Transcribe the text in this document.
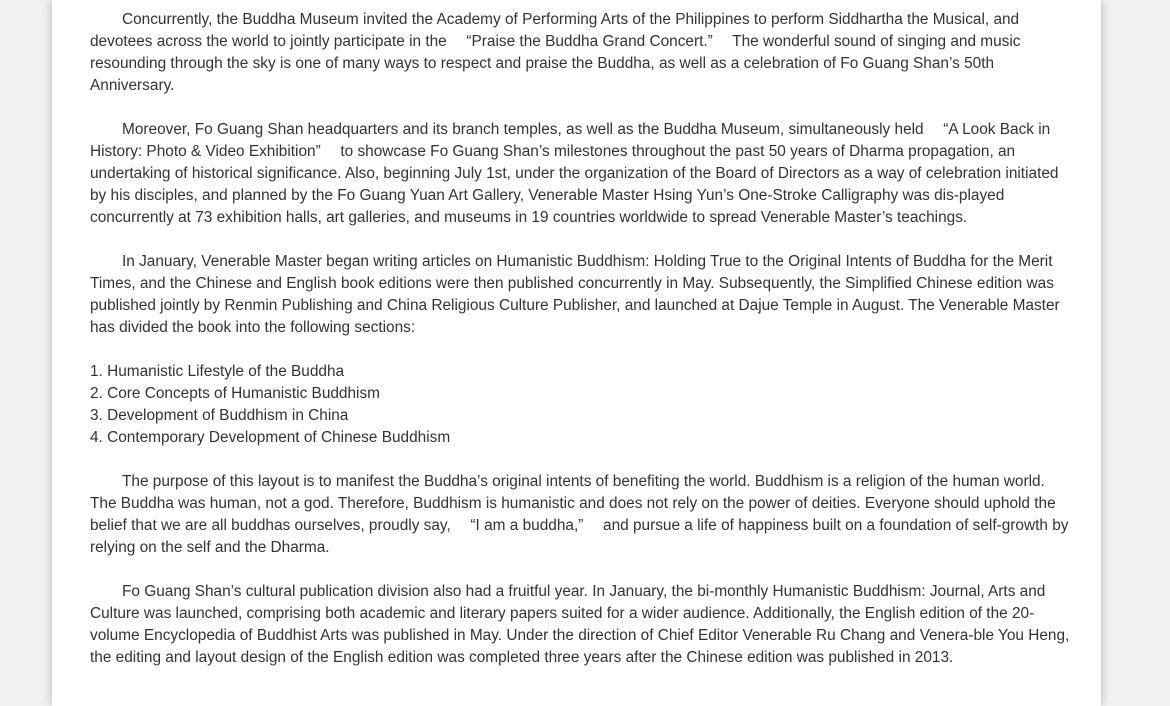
Concurrently, the Buddha Museum invited the Academy of Performing Arts of the Philippines to perform Siddhartha the Musical, and devotees across the world to jointly participate in the 　“Praise the Buddha Grand Concert.”　 The wonderful sound of singing and music resounding through the sky is one of many ways to respect and praise the Buddha, as well as a celebration of Fo Guang Shan’s 50th Anniversary.

Moreover, Fo Guang Shan headquarters and its branch temples, as well as the Buddha Museum, simultaneously held 　“A Look Back in History: Photo & Video Exhibition”　 to showcase Fo Guang Shan’s milestones throughout the past 50 years of Dharma propagation, an undertaking of historical significance. Also, beginning July 1st, under the organization of the Board of Directors as a way of celebration initiated by his disciples, and planned by the Fo Guang Yuan Art Gallery, Venerable Master Hsing Yun’s One-Stroke Calligraphy was dis-played concurrently at 73 exhibition halls, art galleries, and museums in 19 countries worldwide to spread Venerable Master’s teachings.

In January, Venerable Master began writing articles on Humanistic Buddhism: Holding True to the Original Intents of Buddha for the Merit Times, and the Chinese and English book editions were then published concurrently in May. Subsequently, the Simplified Chinese edition was published jointly by Renmin Publishing and China Religious Culture Publisher, and launched at Dajue Temple in August. The Venerable Master has divided the book into the following sections:

1. Humanistic Lifestyle of the Buddha
2. Core Concepts of Humanistic Buddhism
3. Development of Buddhism in China
4. Contemporary Development of Chinese Buddhism

The purpose of this layout is to manifest the Buddha’s original intents of benefiting the world. Buddhism is a religion of the human world. The Buddha was human, not a god. Therefore, Buddhism is humanistic and does not rely on the power of deities. Everyone should uphold the belief that we are all buddhas ourselves, proudly say, 　“I am a buddha,”　 and pursue a life of happiness built on a foundation of self-growth by relying on the self and the Dharma.

Fo Guang Shan’s cultural publication division also had a fruitful year. In January, the bi-monthly Humanistic Buddhism: Journal, Arts and Culture was launched, comprising both academic and literary papers suited for a wider audience. Additionally, the English edition of the 20-volume Encyclopedia of Buddhist Arts was published in May. Under the direction of Chief Editor Venerable Ru Chang and Venera-ble You Heng, the editing and layout design of the English edition was completed three years after the Chinese edition was published in 2013.
